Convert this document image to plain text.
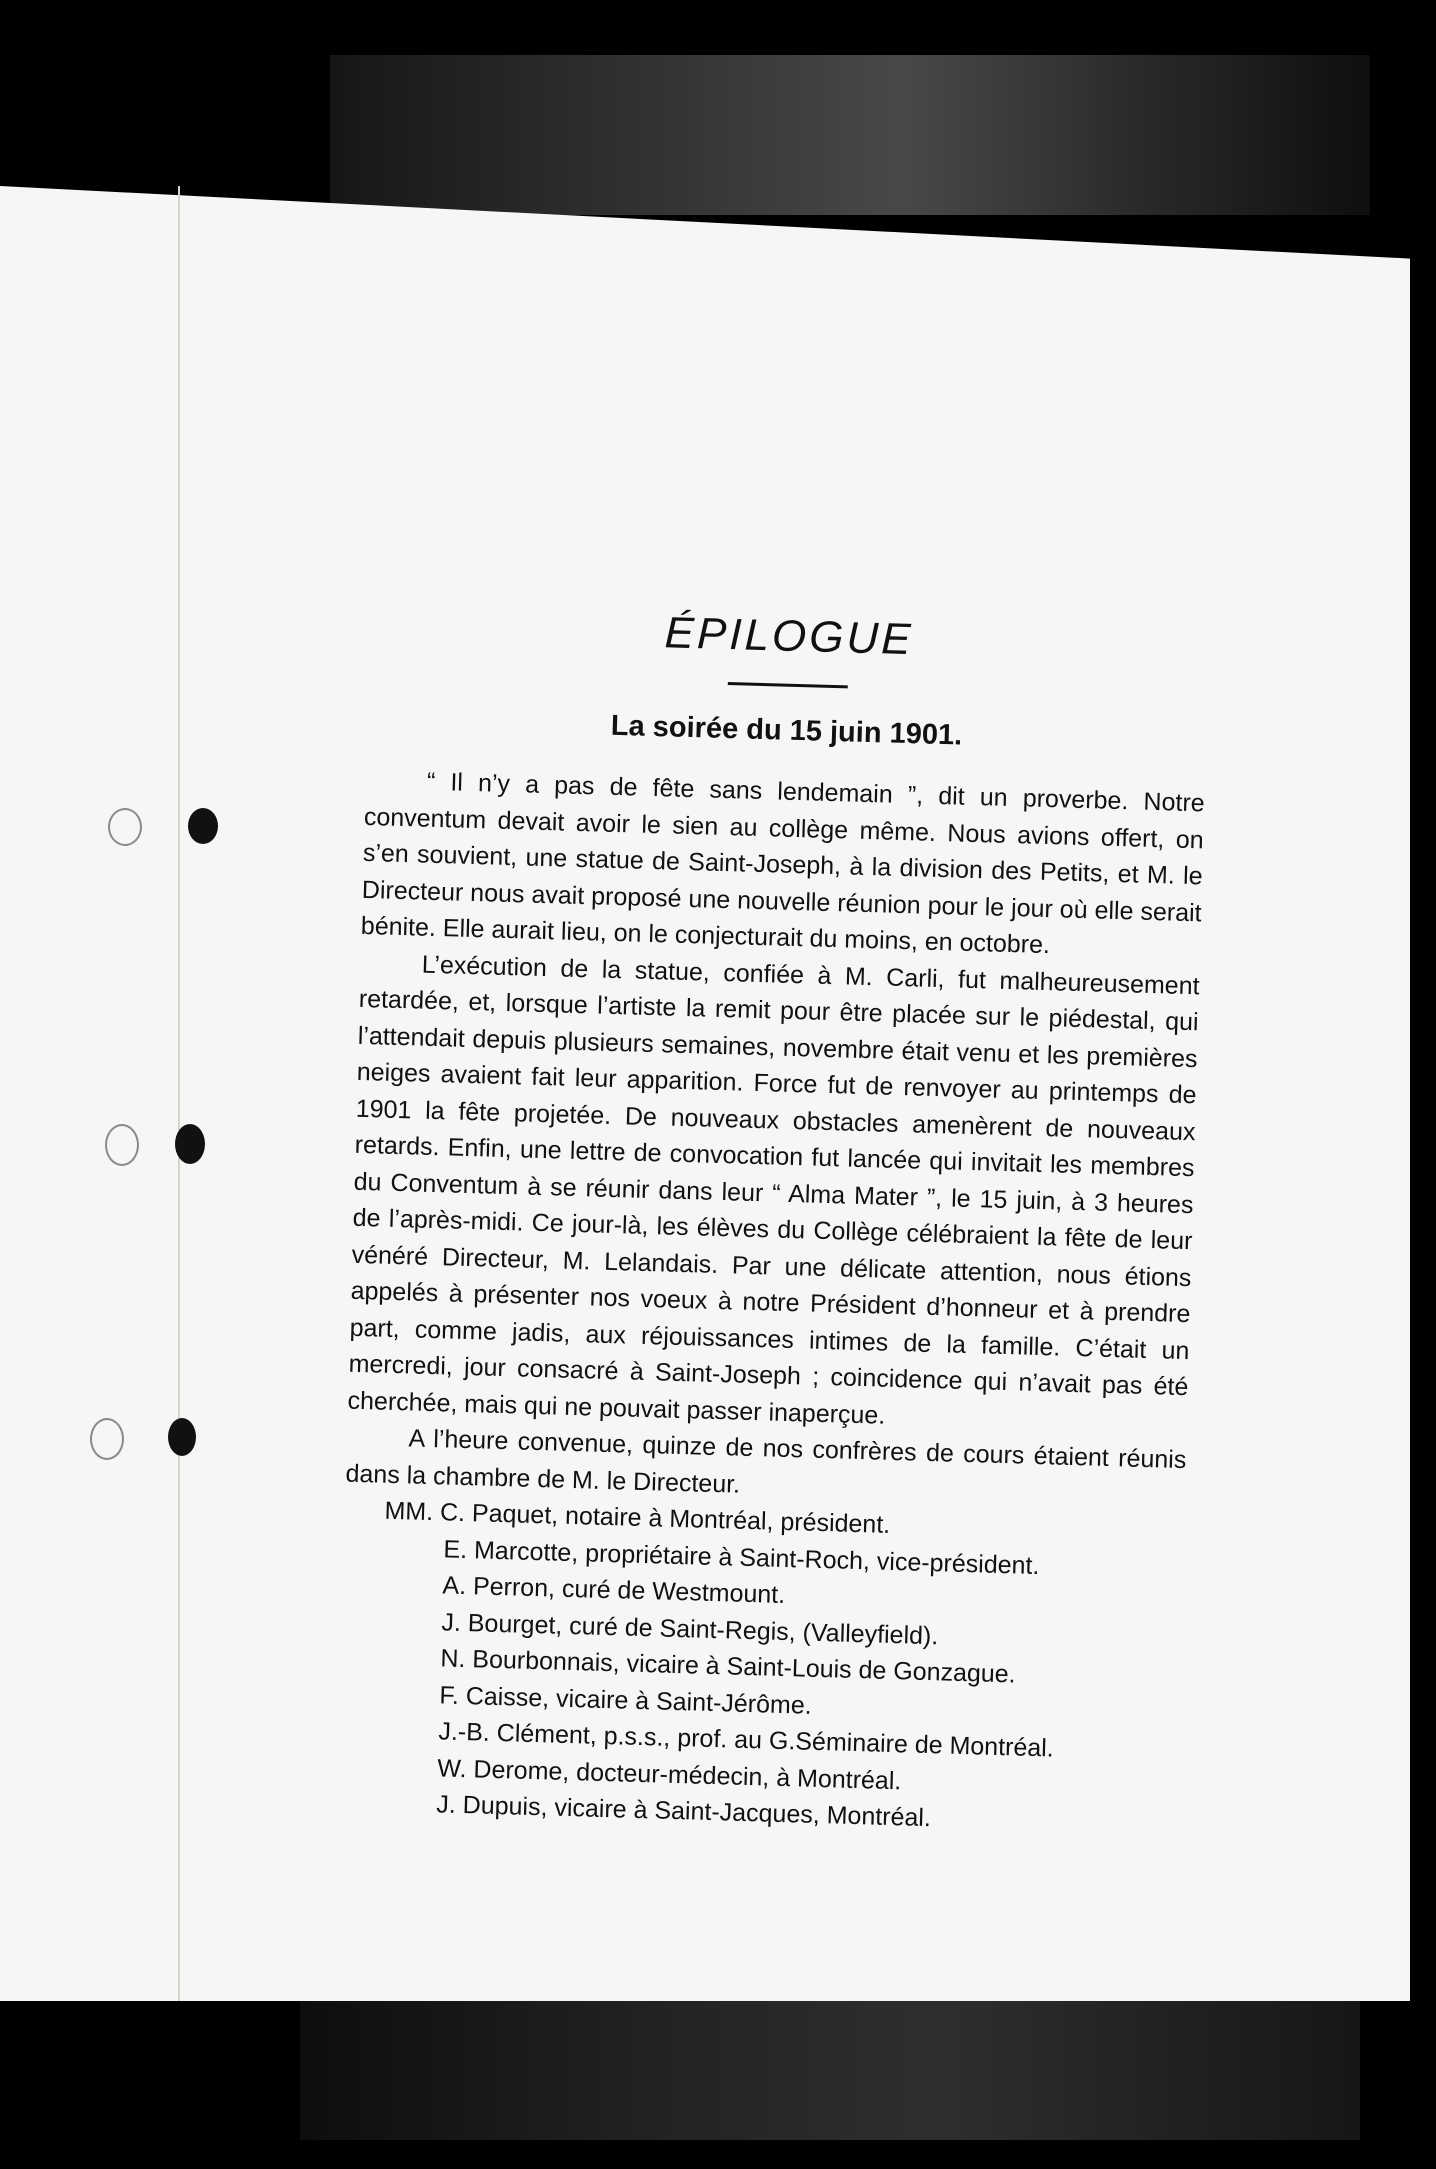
ÉPILOGUE
La soirée du 15 juin 1901.

“ Il n’y a pas de fête sans lendemain ”, dit un proverbe. Notre conventum devait avoir le sien au collège même. Nous avions offert, on s’en souvient, une statue de Saint-Joseph, à la division des Petits, et M. le Directeur nous avait proposé une nouvelle réunion pour le jour où elle serait bénite. Elle aurait lieu, on le conjecturait du moins, en octobre.

L’exécution de la statue, confiée à M. Carli, fut malheureusement retardée, et, lorsque l’artiste la remit pour être placée sur le piédestal, qui l’attendait depuis plusieurs semaines, novembre était venu et les premières neiges avaient fait leur apparition. Force fut de renvoyer au printemps de 1901 la fête projetée. De nouveaux obstacles amenèrent de nouveaux retards. Enfin, une lettre de convocation fut lancée qui invitait les membres du Conventum à se réunir dans leur “ Alma Mater ”, le 15 juin, à 3 heures de l’après-midi. Ce jour-là, les élèves du Collège célébraient la fête de leur vénéré Directeur, M. Lelandais. Par une délicate attention, nous étions appelés à présenter nos voeux à notre Président d’honneur et à prendre part, comme jadis, aux réjouissances intimes de la famille. C’était un mercredi, jour consacré à Saint-Joseph ; coincidence qui n’avait pas été cherchée, mais qui ne pouvait passer inaperçue.

A l’heure convenue, quinze de nos confrères de cours étaient réunis dans la chambre de M. le Directeur.

MM. C. Paquet, notaire à Montréal, président.
E. Marcotte, propriétaire à Saint-Roch, vice-président.
A. Perron, curé de Westmount.
J. Bourget, curé de Saint-Regis, (Valleyfield).
N. Bourbonnais, vicaire à Saint-Louis de Gonzague.
F. Caisse, vicaire à Saint-Jérôme.
J.-B. Clément, p.s.s., prof. au G.Séminaire de Montréal.
W. Derome, docteur-médecin, à Montréal.
J. Dupuis, vicaire à Saint-Jacques, Montréal.
